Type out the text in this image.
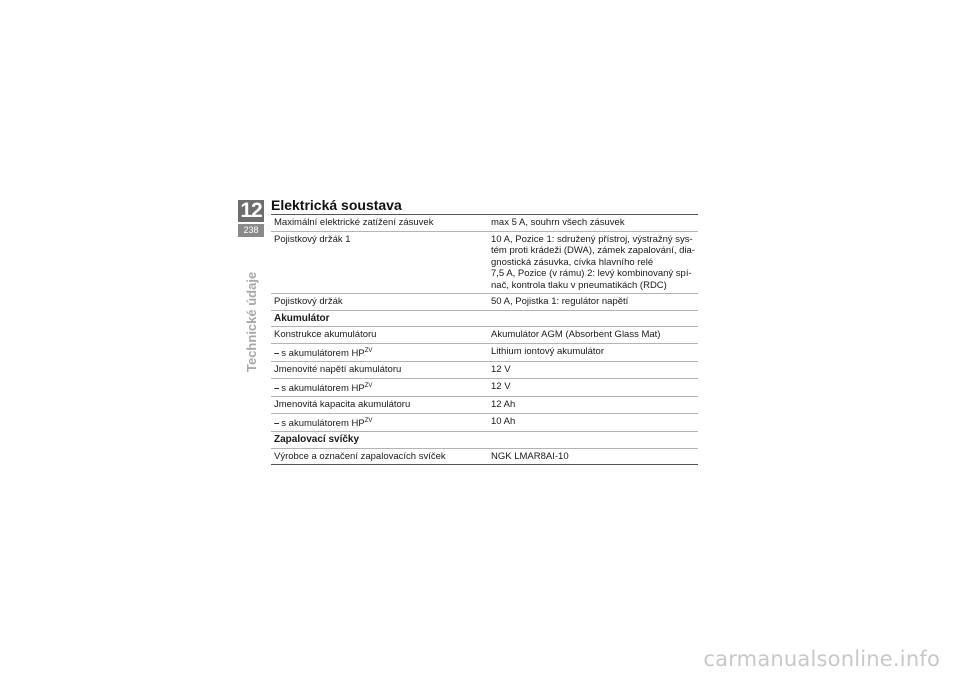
12
238
Technické údaje
Elektrická soustava
Maximální elektrické zatížení zásuvek	max 5 A, souhrn všech zásuvek

Pojistkový držák 1	10 A, Pozice 1: sdružený přístroj, výstražný sys-
tém proti krádeži (DWA), zámek zapalování, dia-
gnostická zásuvka, cívka hlavního relé
7,5 A, Pozice (v rámu) 2: levý kombinovaný spí-
nač, kontrola tlaku v pneumatikách (RDC)

Pojistkový držák	50 A, Pojistka 1: regulátor napětí

Akumulátor	
Konstrukce akumulátoru	Akumulátor AGM (Absorbent Glass Mat)
– s akumulátorem $HP^{ZV}$	Lithium iontový akumulátor
Jmenovité napětí akumulátoru	12 V
– s akumulátorem $HP^{ZV}$	12 V
Jmenovitá kapacita akumulátoru	12 Ah
– s akumulátorem $HP^{ZV}$	10 Ah
Zapalovací svíčky	
Výrobce a označení zapalovacích svíček	NGK LMAR8AI-10
carmanualsonline.info
